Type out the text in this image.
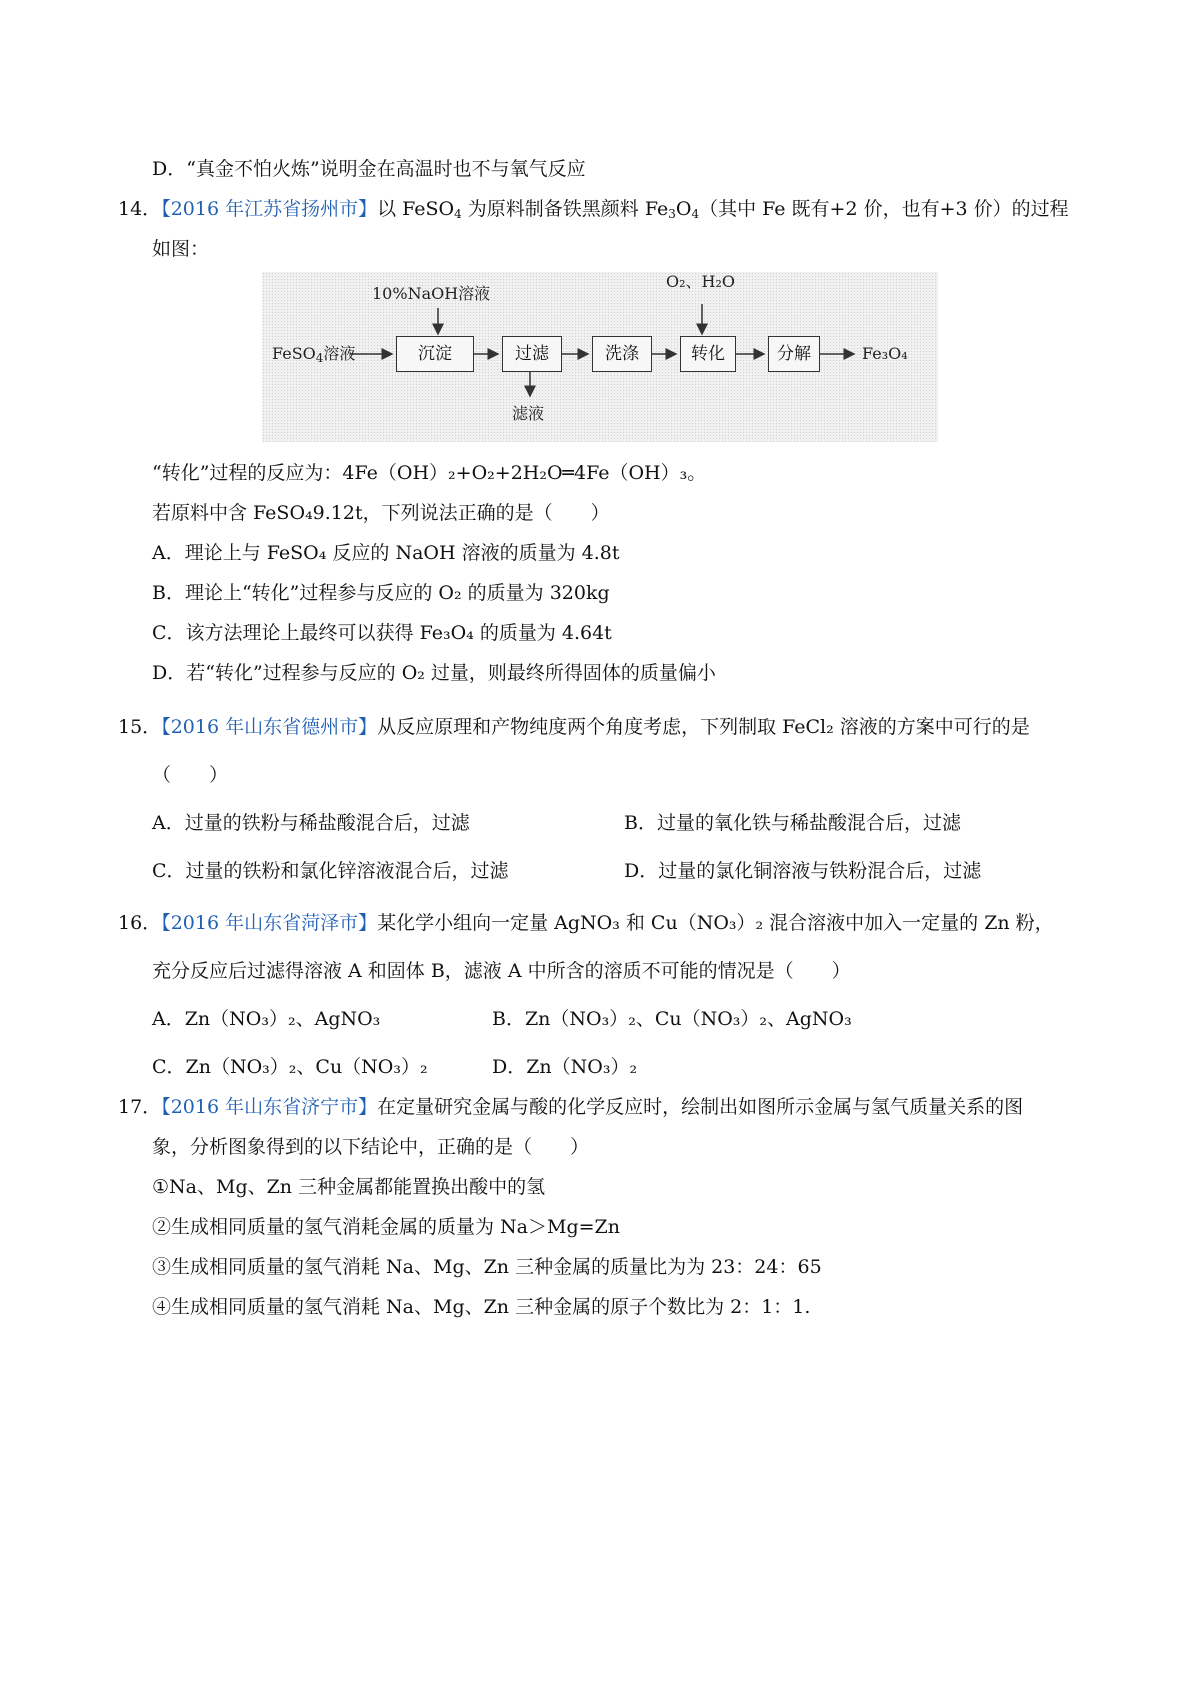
D．“真金不怕火炼”说明金在高温时也不与氧气反应
14．【2016 年江苏省扬州市】以 FeSO$_4$ 为原料制备铁黑颜料 $Fe_3O_4$（其中 Fe 既有+2 价，也有+3 价）的过程
如图：
10%NaOH溶液
FeSO$_4$溶液	沉淀	过滤	洗涤
O₂、H₂O
转化	分解	Fe₃O₄
滤液
“转化”过程的反应为：4Fe（OH）₂+O₂+2H₂O═4Fe（OH）₃。
若原料中含 FeSO₄9.12t，下列说法正确的是（　　）
A．理论上与 FeSO₄ 反应的 NaOH 溶液的质量为 4.8t
B．理论上“转化”过程参与反应的 O₂ 的质量为 320kg
C．该方法理论上最终可以获得 Fe₃O₄ 的质量为 4.64t
D．若“转化”过程参与反应的 O₂ 过量，则最终所得固体的质量偏小
15．【2016 年山东省德州市】从反应原理和产物纯度两个角度考虑，下列制取 FeCl₂ 溶液的方案中可行的是
（　　）
A．过量的铁粉与稀盐酸混合后，过滤	B．过量的氧化铁与稀盐酸混合后，过滤
C．过量的铁粉和氯化锌溶液混合后，过滤	D．过量的氯化铜溶液与铁粉混合后，过滤
16．【2016 年山东省菏泽市】某化学小组向一定量 AgNO₃ 和 Cu（NO₃）₂ 混合溶液中加入一定量的 Zn 粉，
充分反应后过滤得溶液 A 和固体 B，滤液 A 中所含的溶质不可能的情况是（　　）
A．Zn（NO₃）₂、AgNO₃	B．Zn（NO₃）₂、Cu（NO₃）₂、AgNO₃
C．Zn（NO₃）₂、Cu（NO₃）₂	D．Zn（NO₃）₂
17．【2016 年山东省济宁市】在定量研究金属与酸的化学反应时，绘制出如图所示金属与氢气质量关系的图
象，分析图象得到的以下结论中，正确的是（　　）
①Na、Mg、Zn 三种金属都能置换出酸中的氢
②生成相同质量的氢气消耗金属的质量为 Na＞Mg=Zn
③生成相同质量的氢气消耗 Na、Mg、Zn 三种金属的质量比为为 23：24：65
④生成相同质量的氢气消耗 Na、Mg、Zn 三种金属的原子个数比为 2：1：1.
